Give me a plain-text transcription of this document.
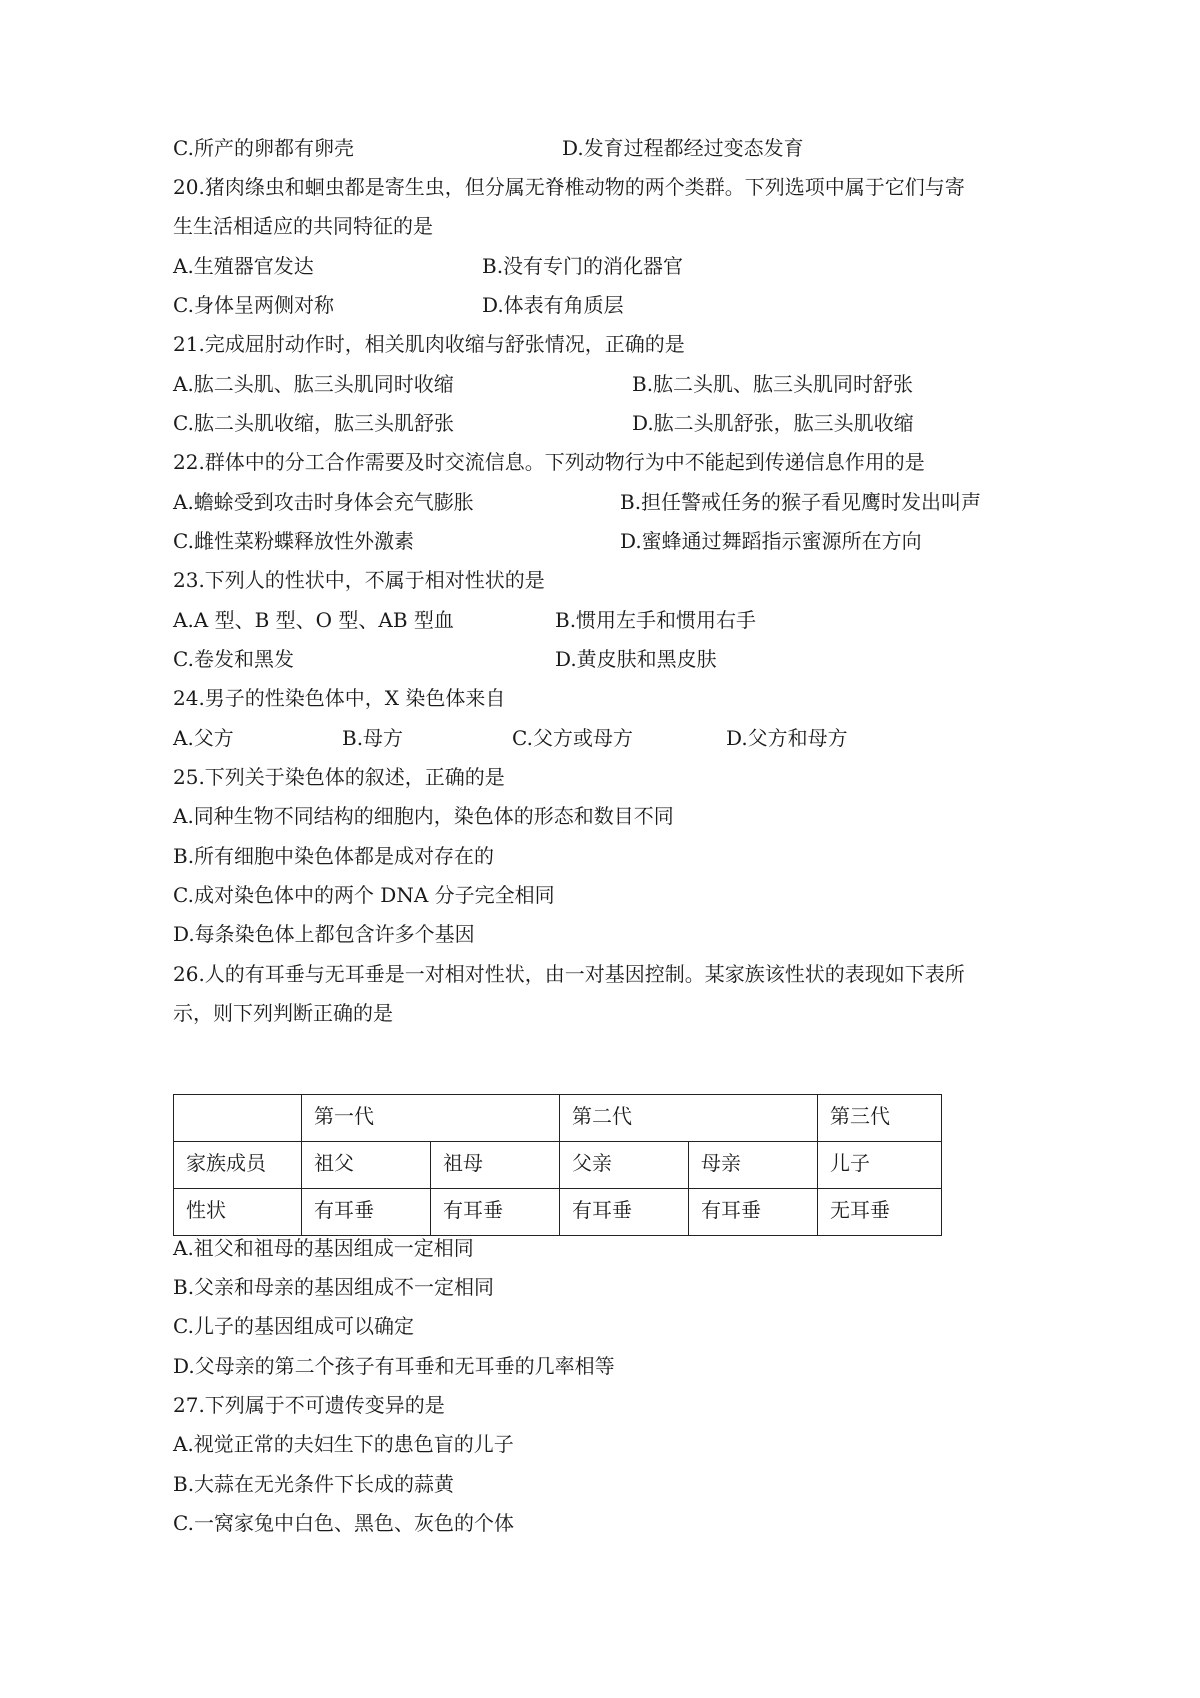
C.所产的卵都有卵壳	D.发育过程都经过变态发育
20.猪肉绦虫和蛔虫都是寄生虫，但分属无脊椎动物的两个类群。下列选项中属于它们与寄
生生活相适应的共同特征的是
A.生殖器官发达	B.没有专门的消化器官
C.身体呈两侧对称	D.体表有角质层
21.完成屈肘动作时，相关肌肉收缩与舒张情况，正确的是
A.肱二头肌、肱三头肌同时收缩	B.肱二头肌、肱三头肌同时舒张
C.肱二头肌收缩，肱三头肌舒张	D.肱二头肌舒张，肱三头肌收缩
22.群体中的分工合作需要及时交流信息。下列动物行为中不能起到传递信息作用的是
A.蟾蜍受到攻击时身体会充气膨胀	B.担任警戒任务的猴子看见鹰时发出叫声
C.雌性菜粉蝶释放性外激素	D.蜜蜂通过舞蹈指示蜜源所在方向
23.下列人的性状中，不属于相对性状的是
A.A 型、B 型、O 型、AB 型血	B.惯用左手和惯用右手
C.卷发和黑发	D.黄皮肤和黑皮肤
24.男子的性染色体中，X 染色体来自
A.父方	B.母方	C.父方或母方	D.父方和母方
25.下列关于染色体的叙述，正确的是
A.同种生物不同结构的细胞内，染色体的形态和数目不同
B.所有细胞中染色体都是成对存在的
C.成对染色体中的两个 DNA 分子完全相同
D.每条染色体上都包含许多个基因
26.人的有耳垂与无耳垂是一对相对性状，由一对基因控制。某家族该性状的表现如下表所
示，则下列判断正确的是
	第一代		第二代		第三代
家族成员	祖父	祖母	父亲	母亲	儿子
性状	有耳垂	有耳垂	有耳垂	有耳垂	无耳垂
A.祖父和祖母的基因组成一定相同
B.父亲和母亲的基因组成不一定相同
C.儿子的基因组成可以确定
D.父母亲的第二个孩子有耳垂和无耳垂的几率相等
27.下列属于不可遗传变异的是
A.视觉正常的夫妇生下的患色盲的儿子
B.大蒜在无光条件下长成的蒜黄
C.一窝家兔中白色、黑色、灰色的个体
